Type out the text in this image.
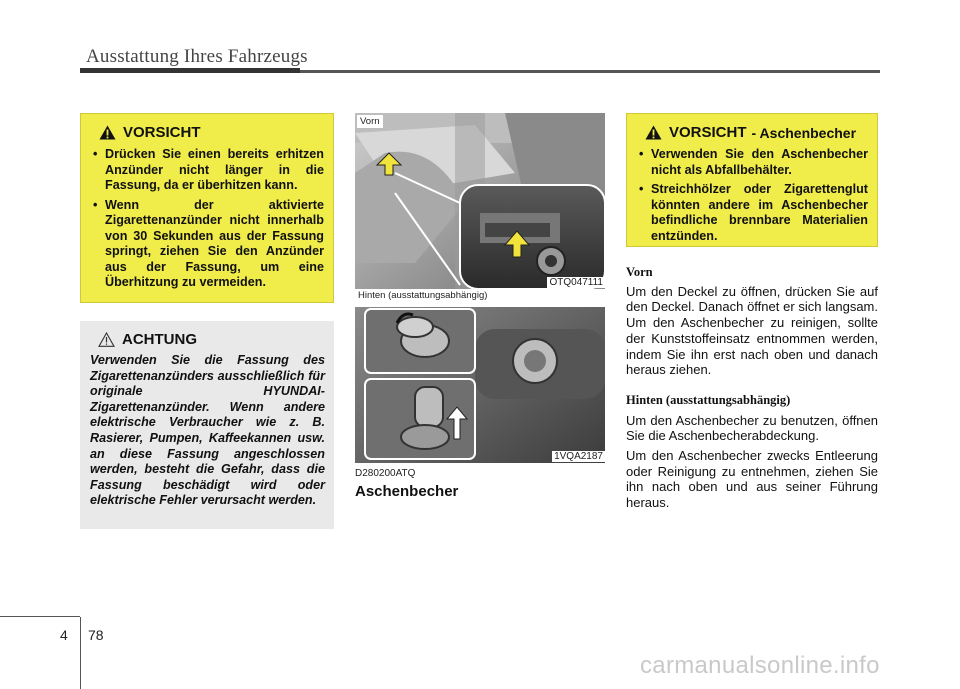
Ausstattung Ihres Fahrzeugs
VORSICHT
• Drücken Sie einen bereits erhitzen Anzünder nicht länger in die Fassung, da er überhitzen kann.
• Wenn der aktivierte Zigarettenanzünder nicht innerhalb von 30 Sekunden aus der Fassung springt, ziehen Sie den Anzünder aus der Fassung, um eine Überhitzung zu vermeiden.
ACHTUNG
Verwenden Sie die Fassung des Zigarettenanzünders ausschließlich für originale HYUNDAI-Zigarettenanzünder. Wenn andere elektrische Verbraucher wie z. B. Rasierer, Pumpen, Kaffeekannen usw. an diese Fassung angeschlossen werden, besteht die Gefahr, dass die Fassung beschädigt wird oder elektrische Fehler verursacht werden.
Vorn
OTQ047111
Hinten (ausstattungsabhängig)
1VQA2187
D280200ATQ
Aschenbecher
VORSICHT - Aschenbecher
• Verwenden Sie den Aschenbecher nicht als Abfallbehälter.
• Streichhölzer oder Zigarettenglut könnten andere im Aschenbecher befindliche brennbare Materialien entzünden.
Vorn
Um den Deckel zu öffnen, drücken Sie auf den Deckel. Danach öffnet er sich langsam. Um den Aschenbecher zu reinigen, sollte der Kunststoffeinsatz entnommen werden, indem Sie ihn erst nach oben und danach heraus ziehen.
Hinten (ausstattungsabhängig)
Um den Aschenbecher zu benutzen, öffnen Sie die Aschenbecherabdeckung.
Um den Aschenbecher zwecks Entleerung oder Reinigung zu entnehmen, ziehen Sie ihn nach oben und aus seiner Führung heraus.
4 78
carmanualsonline.info
